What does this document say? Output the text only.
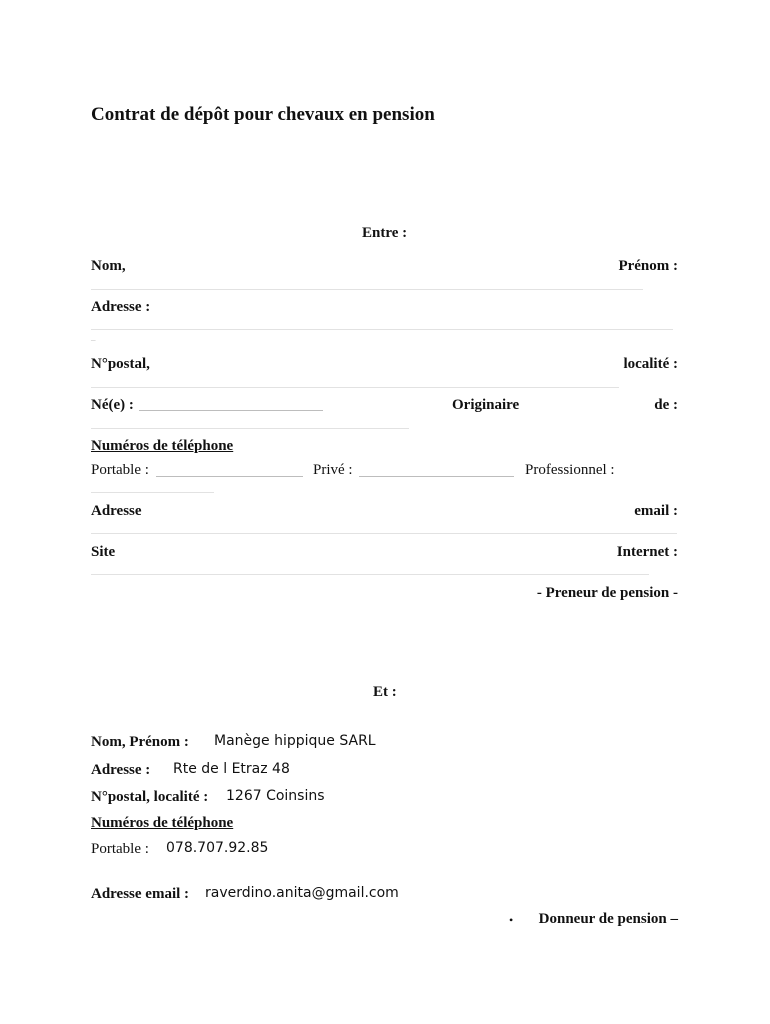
Contrat de dépôt pour chevaux en pension
Entre :
Nom,	Prénom :
Adresse :
–
N°postal,	localité :
Né(e) :	Originaire	de :
Numéros de téléphone
Portable :	Privé :	Professionnel :
Adresse	email :
Site	Internet :
- Preneur de pension -
Et :
Nom, Prénom : Manège hippique SARL
Adresse : Rte de l Etraz 48
N°postal, localité : 1267 Coinsins
Numéros de téléphone
Portable : 078.707.92.85
Adresse email : raverdino.anita@gmail.com
• Donneur de pension –
